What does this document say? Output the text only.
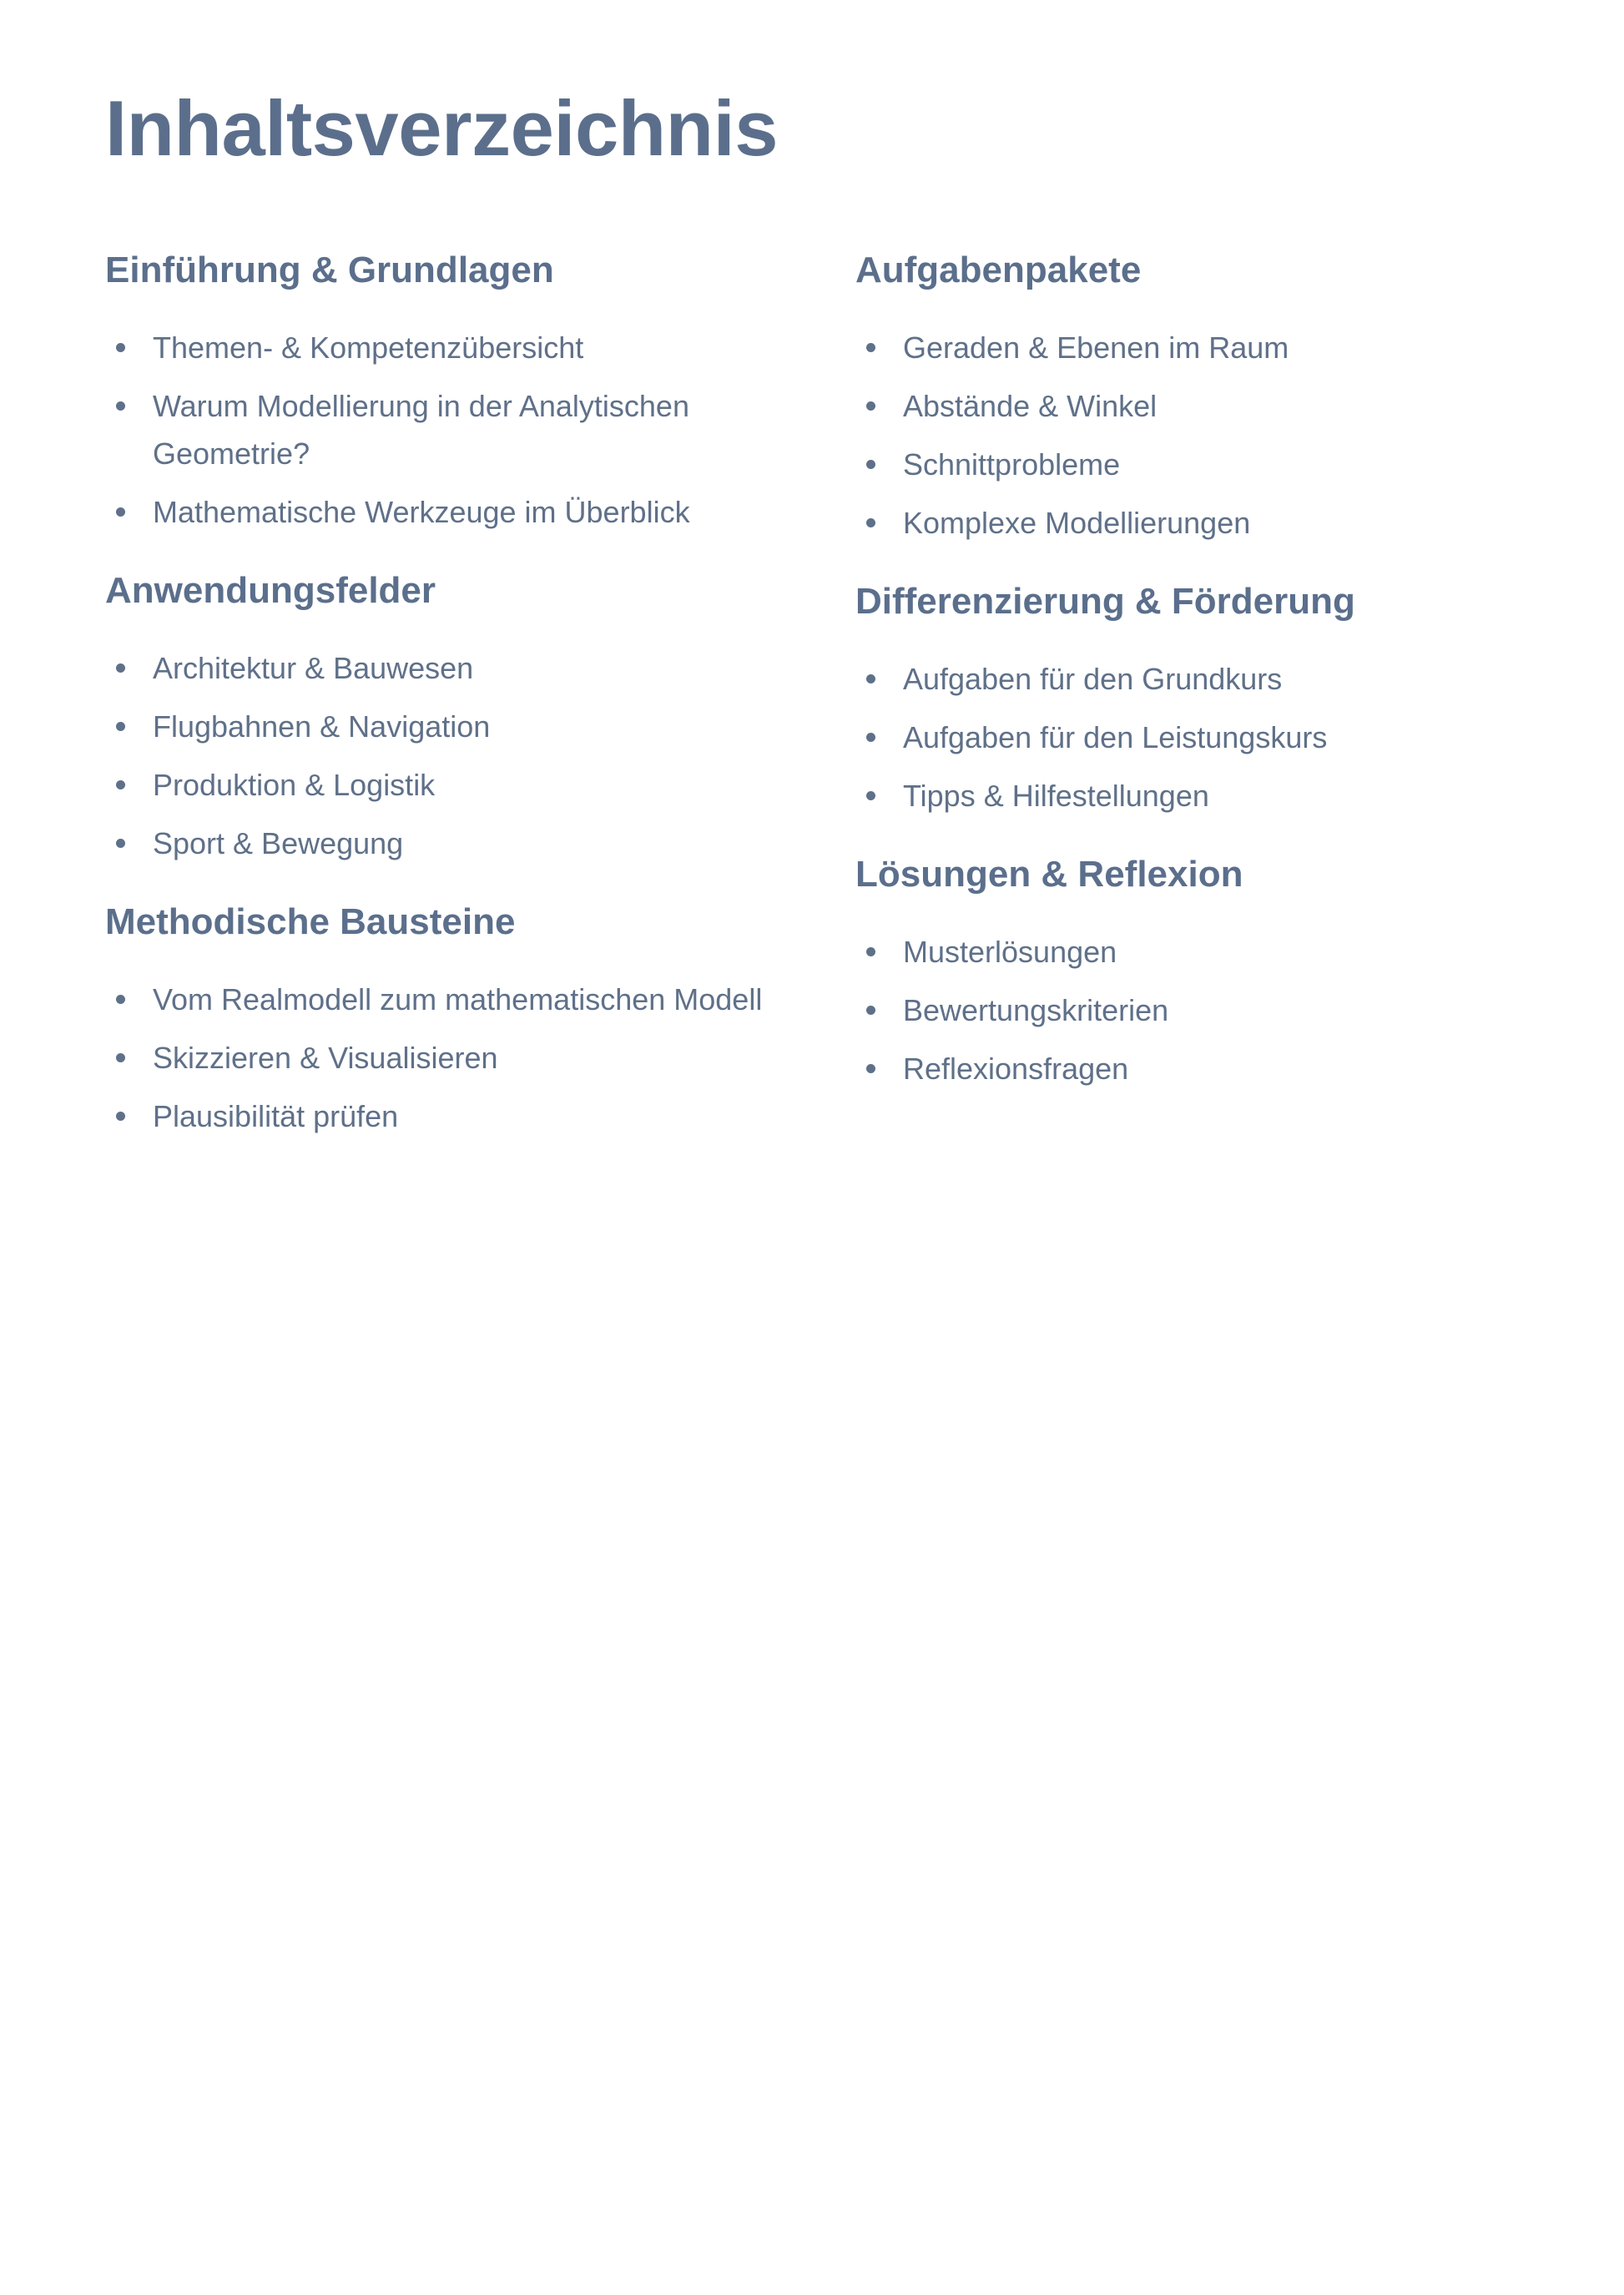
Inhaltsverzeichnis
Einführung & Grundlagen
Themen- & Kompetenzübersicht
Warum Modellierung in der Analytischen Geometrie?
Mathematische Werkzeuge im Überblick
Anwendungsfelder
Architektur & Bauwesen
Flugbahnen & Navigation
Produktion & Logistik
Sport & Bewegung
Methodische Bausteine
Vom Realmodell zum mathematischen Modell
Skizzieren & Visualisieren
Plausibilität prüfen
Aufgabenpakete
Geraden & Ebenen im Raum
Abstände & Winkel
Schnittprobleme
Komplexe Modellierungen
Differenzierung & Förderung
Aufgaben für den Grundkurs
Aufgaben für den Leistungskurs
Tipps & Hilfestellungen
Lösungen & Reflexion
Musterlösungen
Bewertungskriterien
Reflexionsfragen
